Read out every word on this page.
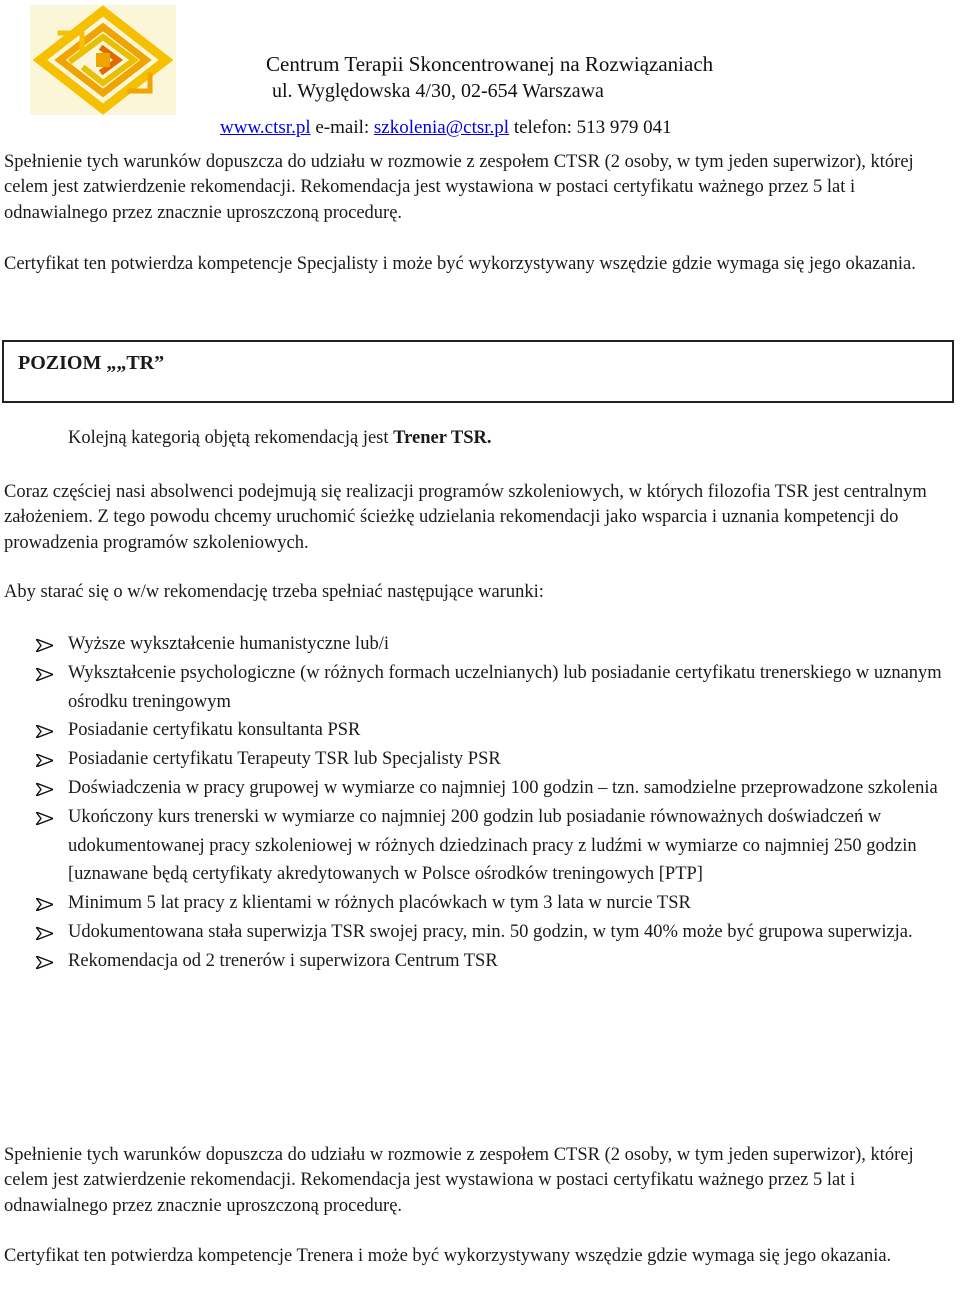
Centrum Terapii Skoncentrowanej na Rozwiązaniach
ul. Wyględowska 4/30, 02-654 Warszawa
www.ctsr.pl e-mail: szkolenia@ctsr.pl telefon: 513 979 041

Spełnienie tych warunków dopuszcza do udziału w rozmowie z zespołem CTSR (2 osoby, w tym jeden superwizor), której celem jest zatwierdzenie rekomendacji. Rekomendacja jest wystawiona w postaci certyfikatu ważnego przez 5 lat i odnawialnego przez znacznie uproszczoną procedurę.

Certyfikat ten potwierdza kompetencje Specjalisty i może być wykorzystywany wszędzie gdzie wymaga się jego okazania.

POZIOM „„TR”
Kolejną kategorią objętą rekomendacją jest Trener TSR.

Coraz częściej nasi absolwenci podejmują się realizacji programów szkoleniowych, w których filozofia TSR jest centralnym założeniem. Z tego powodu chcemy uruchomić ścieżkę udzielania rekomendacji jako wsparcia i uznania kompetencji do prowadzenia programów szkoleniowych.

Aby starać się o w/w rekomendację trzeba spełniać następujące warunki:

Wyższe wykształcenie humanistyczne lub/i
Wykształcenie psychologiczne (w różnych formach uczelnianych) lub posiadanie certyfikatu trenerskiego w uznanym ośrodku treningowym
Posiadanie certyfikatu konsultanta PSR
Posiadanie certyfikatu Terapeuty TSR lub Specjalisty PSR
Doświadczenia w pracy grupowej w wymiarze co najmniej 100 godzin – tzn. samodzielne przeprowadzone szkolenia
Ukończony kurs trenerski w wymiarze co najmniej 200 godzin lub posiadanie równoważnych doświadczeń w udokumentowanej pracy szkoleniowej w różnych dziedzinach pracy z ludźmi w wymiarze co najmniej 250 godzin [uznawane będą certyfikaty akredytowanych w Polsce ośrodków treningowych [PTP]
Minimum 5 lat pracy z klientami w różnych placówkach w tym 3 lata w nurcie TSR
Udokumentowana stała superwizja TSR swojej pracy, min. 50 godzin, w tym 40% może być grupowa superwizja.
Rekomendacja od 2 trenerów i superwizora Centrum TSR

Spełnienie tych warunków dopuszcza do udziału w rozmowie z zespołem CTSR (2 osoby, w tym jeden superwizor), której celem jest zatwierdzenie rekomendacji. Rekomendacja jest wystawiona w postaci certyfikatu ważnego przez 5 lat i odnawialnego przez znacznie uproszczoną procedurę.

Certyfikat ten potwierdza kompetencje Trenera i może być wykorzystywany wszędzie gdzie wymaga się jego okazania.
